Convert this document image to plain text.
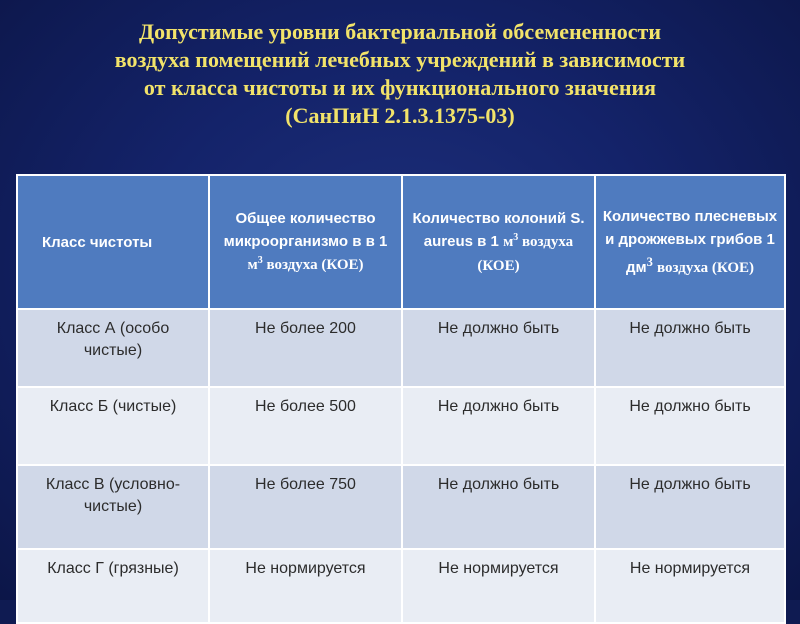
Допустимые уровни бактериальной обсемененности
воздуха помещений лечебных учреждений в зависимости
от класса чистоты и их функционального значения
(СанПиН 2.1.3.1375-03)
Класс чистоты	Общее количество микроорганизмо в в 1 $м^3$ воздуха (КОЕ)	Количество колоний S. aureus в 1 $м^3$ воздуха (КОЕ)	Количество плесневых и дрожжевых грибов 1 $дм^3$ воздуха (КОЕ)
Класс А (особо чистые)	Не более 200	Не должно быть	Не должно быть
Класс Б (чистые)	Не более 500	Не должно быть	Не должно быть
Класс В (условно-чистые)	Не более 750	Не должно быть	Не должно быть
Класс Г (грязные)	Не нормируется	Не нормируется	Не нормируется
